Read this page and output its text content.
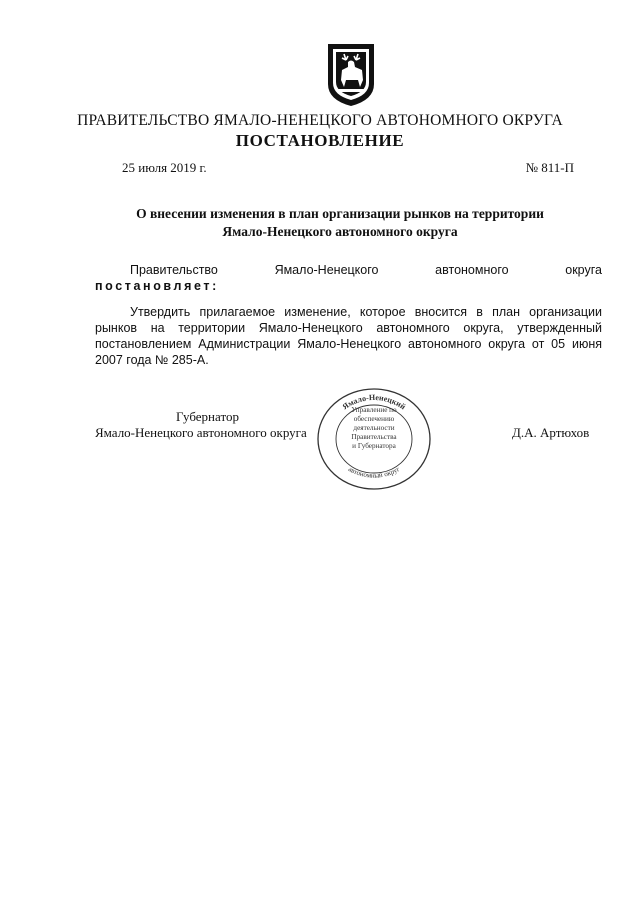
ПРАВИТЕЛЬСТВО ЯМАЛО-НЕНЕЦКОГО АВТОНОМНОГО ОКРУГА
ПОСТАНОВЛЕНИЕ
25 июля 2019 г.	№ 811-П
О внесении изменения в план организации рынков на территории
Ямало-Ненецкого автономного округа
Правительство	Ямало-Ненецкого	автономного	округа
постановляет:
Утвердить прилагаемое изменение, которое вносится в план организации рынков на территории Ямало-Ненецкого автономного округа, утвержденный постановлением Администрации Ямало-Ненецкого автономного округа от 05 июня 2007 года № 285-А.
Губернатор
Ямало-Ненецкого автономного округа	Д.А. Артюхов
Ямало-Ненецкий
автономный округ
Управление по
обеспечению
деятельности
Правительства
и Губернатора
